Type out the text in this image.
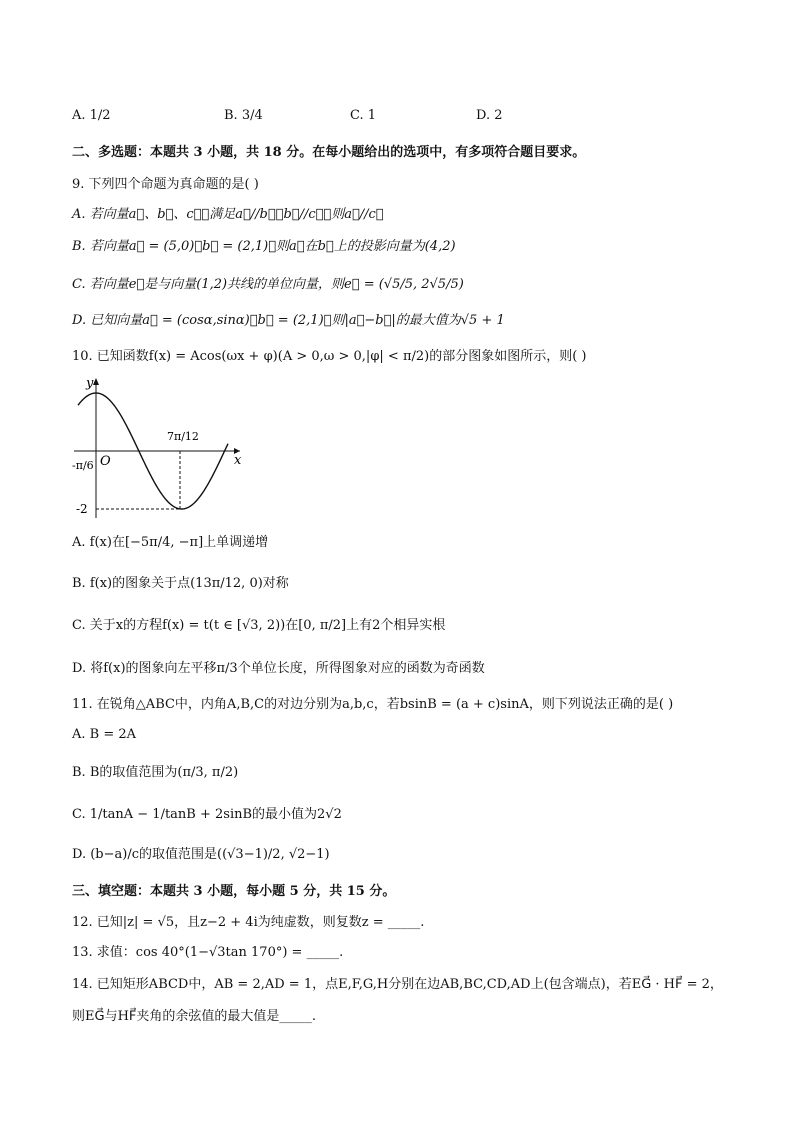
A. 1/2	B. 3/4	C. 1	D. 2
二、多选题：本题共 3 小题，共 18 分。在每小题给出的选项中，有多项符合题目要求。
9. 下列四个命题为真命题的是( )
A. 若向量a⃗、b⃗、c⃗，满足a⃗//b⃗，b⃗//c⃗，则a⃗//c⃗
B. 若向量a⃗ = (5,0)，b⃗ = (2,1)，则a⃗在b⃗上的投影向量为(4,2)
C. 若向量e⃗是与向量(1,2)共线的单位向量，则e⃗ = (√5/5, 2√5/5)
D. 已知向量a⃗ = (cosα,sinα)，b⃗ = (2,1)，则|a⃗−b⃗|的最大值为√5 + 1
10. 已知函数f(x) = Acos(ωx + φ)(A > 0,ω > 0,|φ| < π/2)的部分图象如图所示，则( )
y
x
O
-π/6
7π/12
-2
A. f(x)在[−5π/4, −π]上单调递增
B. f(x)的图象关于点(13π/12, 0)对称
C. 关于x的方程f(x) = t(t ∈ [√3, 2))在[0, π/2]上有2个相异实根
D. 将f(x)的图象向左平移π/3个单位长度，所得图象对应的函数为奇函数
11. 在锐角△ABC中，内角A,B,C的对边分别为a,b,c，若bsinB = (a + c)sinA，则下列说法正确的是( )
A. B = 2A
B. B的取值范围为(π/3, π/2)
C. 1/tanA − 1/tanB + 2sinB的最小值为2√2
D. (b−a)/c的取值范围是((√3−1)/2, √2−1)
三、填空题：本题共 3 小题，每小题 5 分，共 15 分。
12. 已知|z| = √5，且z−2 + 4i为纯虚数，则复数z = _____.
13. 求值：cos 40°(1−√3tan 170°) = _____.
14. 已知矩形ABCD中，AB = 2,AD = 1，点E,F,G,H分别在边AB,BC,CD,AD上(包含端点)，若EG⃗ · HF⃗ = 2，
则EG⃗与HF⃗夹角的余弦值的最大值是_____.
